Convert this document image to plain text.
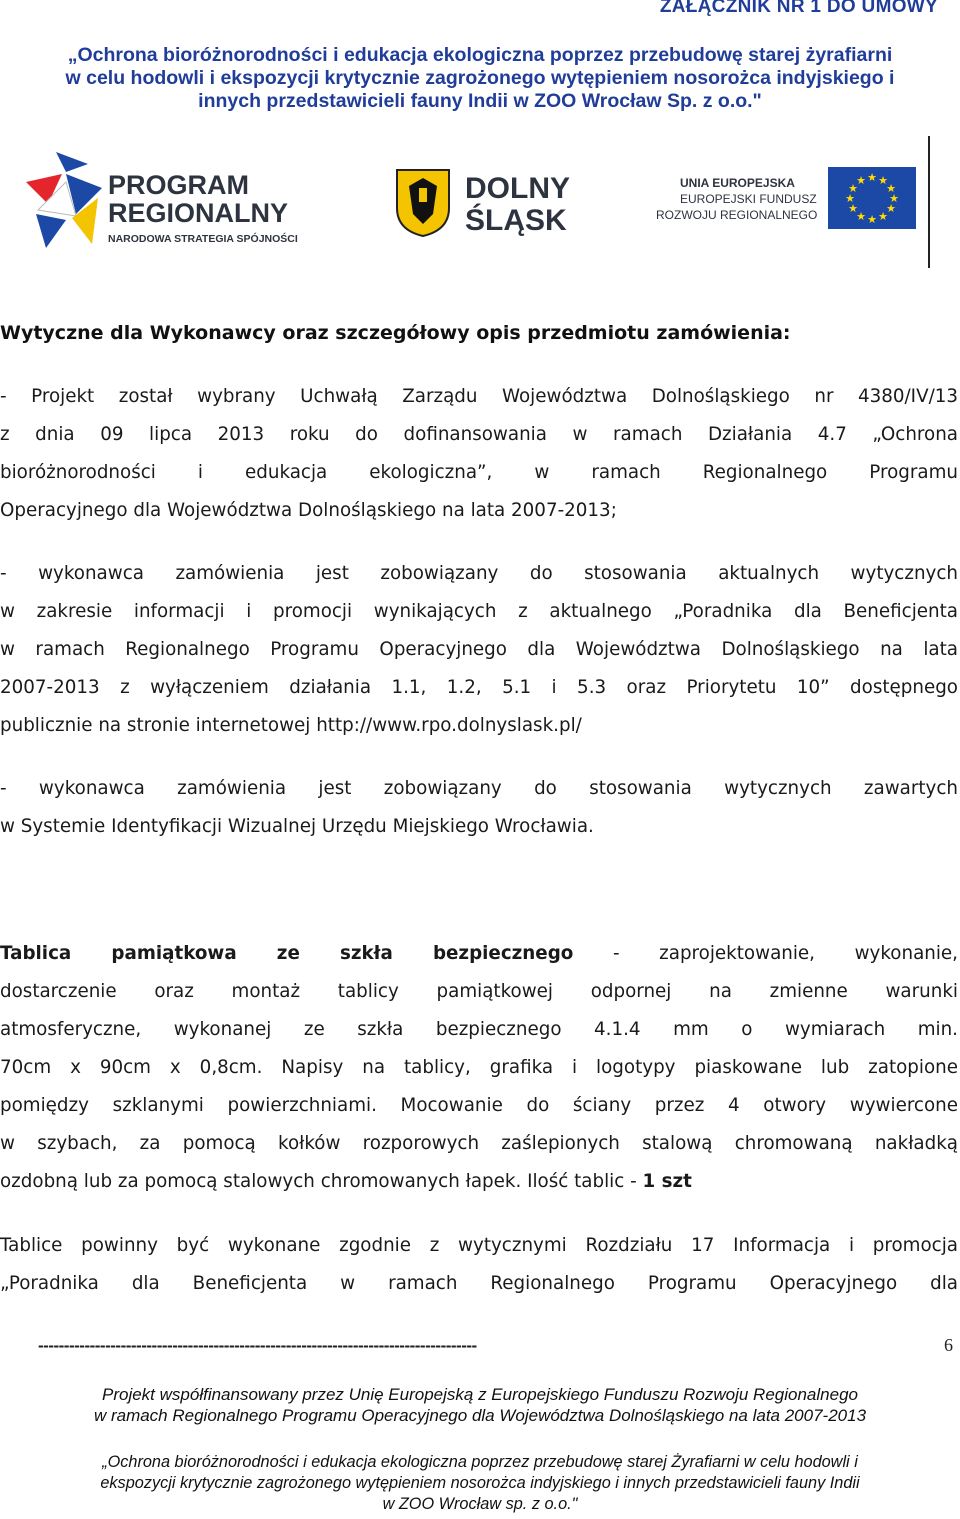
ZAŁĄCZNIK NR 1 DO UMOWY
„Ochrona bioróżnorodności i edukacja ekologiczna poprzez przebudowę starej żyrafiarni
w celu hodowli i ekspozycji krytycznie zagrożonego wytępieniem nosorożca indyjskiego i
innych przedstawicieli fauny Indii w ZOO Wrocław Sp. z o.o."
PROGRAM
REGIONALNY
NARODOWA STRATEGIA SPÓJNOŚCI
DOLNY
ŚLĄSK
UNIA EUROPEJSKA
EUROPEJSKI FUNDUSZ
ROZWOJU REGIONALNEGO
★ ★
★
★
★
★
★
★
★
★
★
★
Wytyczne dla Wykonawcy oraz szczegółowy opis przedmiotu zamówienia:
- Projekt został wybrany Uchwałą Zarządu Województwa Dolnośląskiego nr 4380/IV/13
z dnia 09 lipca 2013 roku do dofinansowania w ramach Działania 4.7 „Ochrona
bioróżnorodności i edukacja ekologiczna”, w ramach Regionalnego Programu
Operacyjnego dla Województwa Dolnośląskiego na lata 2007-2013;
- wykonawca zamówienia jest zobowiązany do stosowania aktualnych wytycznych
w zakresie informacji i promocji wynikających z aktualnego „Poradnika dla Beneficjenta
w ramach Regionalnego Programu Operacyjnego dla Województwa Dolnośląskiego na lata
2007-2013 z wyłączeniem działania 1.1, 1.2, 5.1 i 5.3 oraz Priorytetu 10” dostępnego
publicznie na stronie internetowej http://www.rpo.dolnyslask.pl/
- wykonawca zamówienia jest zobowiązany do stosowania wytycznych zawartych
w Systemie Identyfikacji Wizualnej Urzędu Miejskiego Wrocławia.
Tablica pamiątkowa ze szkła bezpiecznego - zaprojektowanie, wykonanie,
dostarczenie oraz montaż tablicy pamiątkowej odpornej na zmienne warunki
atmosferyczne, wykonanej ze szkła bezpiecznego 4.1.4 mm o wymiarach min.
70cm x 90cm x 0,8cm. Napisy na tablicy, grafika i logotypy piaskowane lub zatopione
pomiędzy szklanymi powierzchniami. Mocowanie do ściany przez 4 otwory wywiercone
w szybach, za pomocą kołków rozporowych zaślepionych stalową chromowaną nakładką
ozdobną lub za pomocą stalowych chromowanych łapek. Ilość tablic - 1 szt
Tablice powinny być wykonane zgodnie z wytycznymi Rozdziału 17 Informacja i promocja
„Poradnika dla Beneficjenta w ramach Regionalnego Programu Operacyjnego dla
-------------------------------------------------------------------------------------	6
Projekt współfinansowany przez Unię Europejską z Europejskiego Funduszu Rozwoju Regionalnego
w ramach Regionalnego Programu Operacyjnego dla Województwa Dolnośląskiego na lata 2007-2013
„Ochrona bioróżnorodności i edukacja ekologiczna poprzez przebudowę starej Żyrafiarni w celu hodowli i
ekspozycji krytycznie zagrożonego wytępieniem nosorożca indyjskiego i innych przedstawicieli fauny Indii
w ZOO Wrocław sp. z o.o."
